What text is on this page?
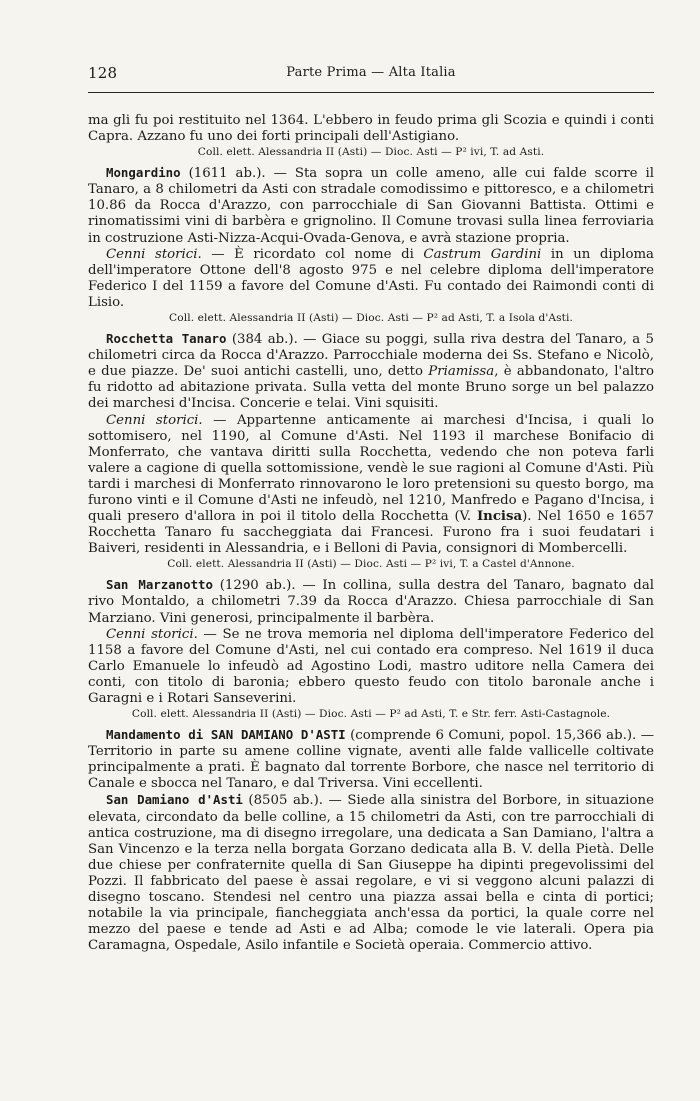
128	Parte Prima — Alta Italia

ma gli fu poi restituito nel 1364. L'ebbero in feudo prima gli Scozia e quindi i conti Capra. Azzano fu uno dei forti principali dell'Astigiano.

Coll. elett. Alessandria II (Asti) — Dioc. Asti — P² ivi, T. ad Asti.

Mongardino (1611 ab.). — Sta sopra un colle ameno, alle cui falde scorre il Tanaro, a 8 chilometri da Asti con stradale comodissimo e pittoresco, e a chilometri 10.86 da Rocca d'Arazzo, con parrocchiale di San Giovanni Battista. Ottimi e rinomatissimi vini di barbèra e grignolino. Il Comune trovasi sulla linea ferroviaria in costruzione Asti-Nizza-Acqui-Ovada-Genova, e avrà stazione propria.

Cenni storici. — È ricordato col nome di Castrum Gardini in un diploma dell'imperatore Ottone dell'8 agosto 975 e nel celebre diploma dell'imperatore Federico I del 1159 a favore del Comune d'Asti. Fu contado dei Raimondi conti di Lisio.

Coll. elett. Alessandria II (Asti) — Dioc. Asti — P² ad Asti, T. a Isola d'Asti.

Rocchetta Tanaro (384 ab.). — Giace su poggi, sulla riva destra del Tanaro, a 5 chilometri circa da Rocca d'Arazzo. Parrocchiale moderna dei Ss. Stefano e Nicolò, e due piazze. De' suoi antichi castelli, uno, detto Priamissa, è abbandonato, l'altro fu ridotto ad abitazione privata. Sulla vetta del monte Bruno sorge un bel palazzo dei marchesi d'Incisa. Concerie e telai. Vini squisiti.

Cenni storici. — Appartenne anticamente ai marchesi d'Incisa, i quali lo sottomisero, nel 1190, al Comune d'Asti. Nel 1193 il marchese Bonifacio di Monferrato, che vantava diritti sulla Rocchetta, vedendo che non poteva farli valere a cagione di quella sottomissione, vendè le sue ragioni al Comune d'Asti. Più tardi i marchesi di Monferrato rinnovarono le loro pretensioni su questo borgo, ma furono vinti e il Comune d'Asti ne infeudò, nel 1210, Manfredo e Pagano d'Incisa, i quali presero d'allora in poi il titolo della Rocchetta (V. Incisa). Nel 1650 e 1657 Rocchetta Tanaro fu saccheggiata dai Francesi. Furono fra i suoi feudatari i Baiveri, residenti in Alessandria, e i Belloni di Pavia, consignori di Mombercelli.

Coll. elett. Alessandria II (Asti) — Dioc. Asti — P² ivi, T. a Castel d'Annone.

San Marzanotto (1290 ab.). — In collina, sulla destra del Tanaro, bagnato dal rivo Montaldo, a chilometri 7.39 da Rocca d'Arazzo. Chiesa parrocchiale di San Marziano. Vini generosi, principalmente il barbèra.

Cenni storici. — Se ne trova memoria nel diploma dell'imperatore Federico del 1158 a favore del Comune d'Asti, nel cui contado era compreso. Nel 1619 il duca Carlo Emanuele lo infeudò ad Agostino Lodi, mastro uditore nella Camera dei conti, con titolo di baronia; ebbero questo feudo con titolo baronale anche i Garagni e i Rotari Sanseverini.

Coll. elett. Alessandria II (Asti) — Dioc. Asti — P² ad Asti, T. e Str. ferr. Asti-Castagnole.

Mandamento di SAN DAMIANO D'ASTI (comprende 6 Comuni, popol. 15,366 ab.). — Territorio in parte su amene colline vignate, aventi alle falde vallicelle coltivate principalmente a prati. È bagnato dal torrente Borbore, che nasce nel territorio di Canale e sbocca nel Tanaro, e dal Triversa. Vini eccellenti.

San Damiano d'Asti (8505 ab.). — Siede alla sinistra del Borbore, in situazione elevata, circondato da belle colline, a 15 chilometri da Asti, con tre parrocchiali di antica costruzione, ma di disegno irregolare, una dedicata a San Damiano, l'altra a San Vincenzo e la terza nella borgata Gorzano dedicata alla B. V. della Pietà. Delle due chiese per confraternite quella di San Giuseppe ha dipinti pregevolissimi del Pozzi. Il fabbricato del paese è assai regolare, e vi si veggono alcuni palazzi di disegno toscano. Stendesi nel centro una piazza assai bella e cinta di portici; notabile la via principale, fiancheggiata anch'essa da portici, la quale corre nel mezzo del paese e tende ad Asti e ad Alba; comode le vie laterali. Opera pia Caramagna, Ospedale, Asilo infantile e Società operaia. Commercio attivo.
